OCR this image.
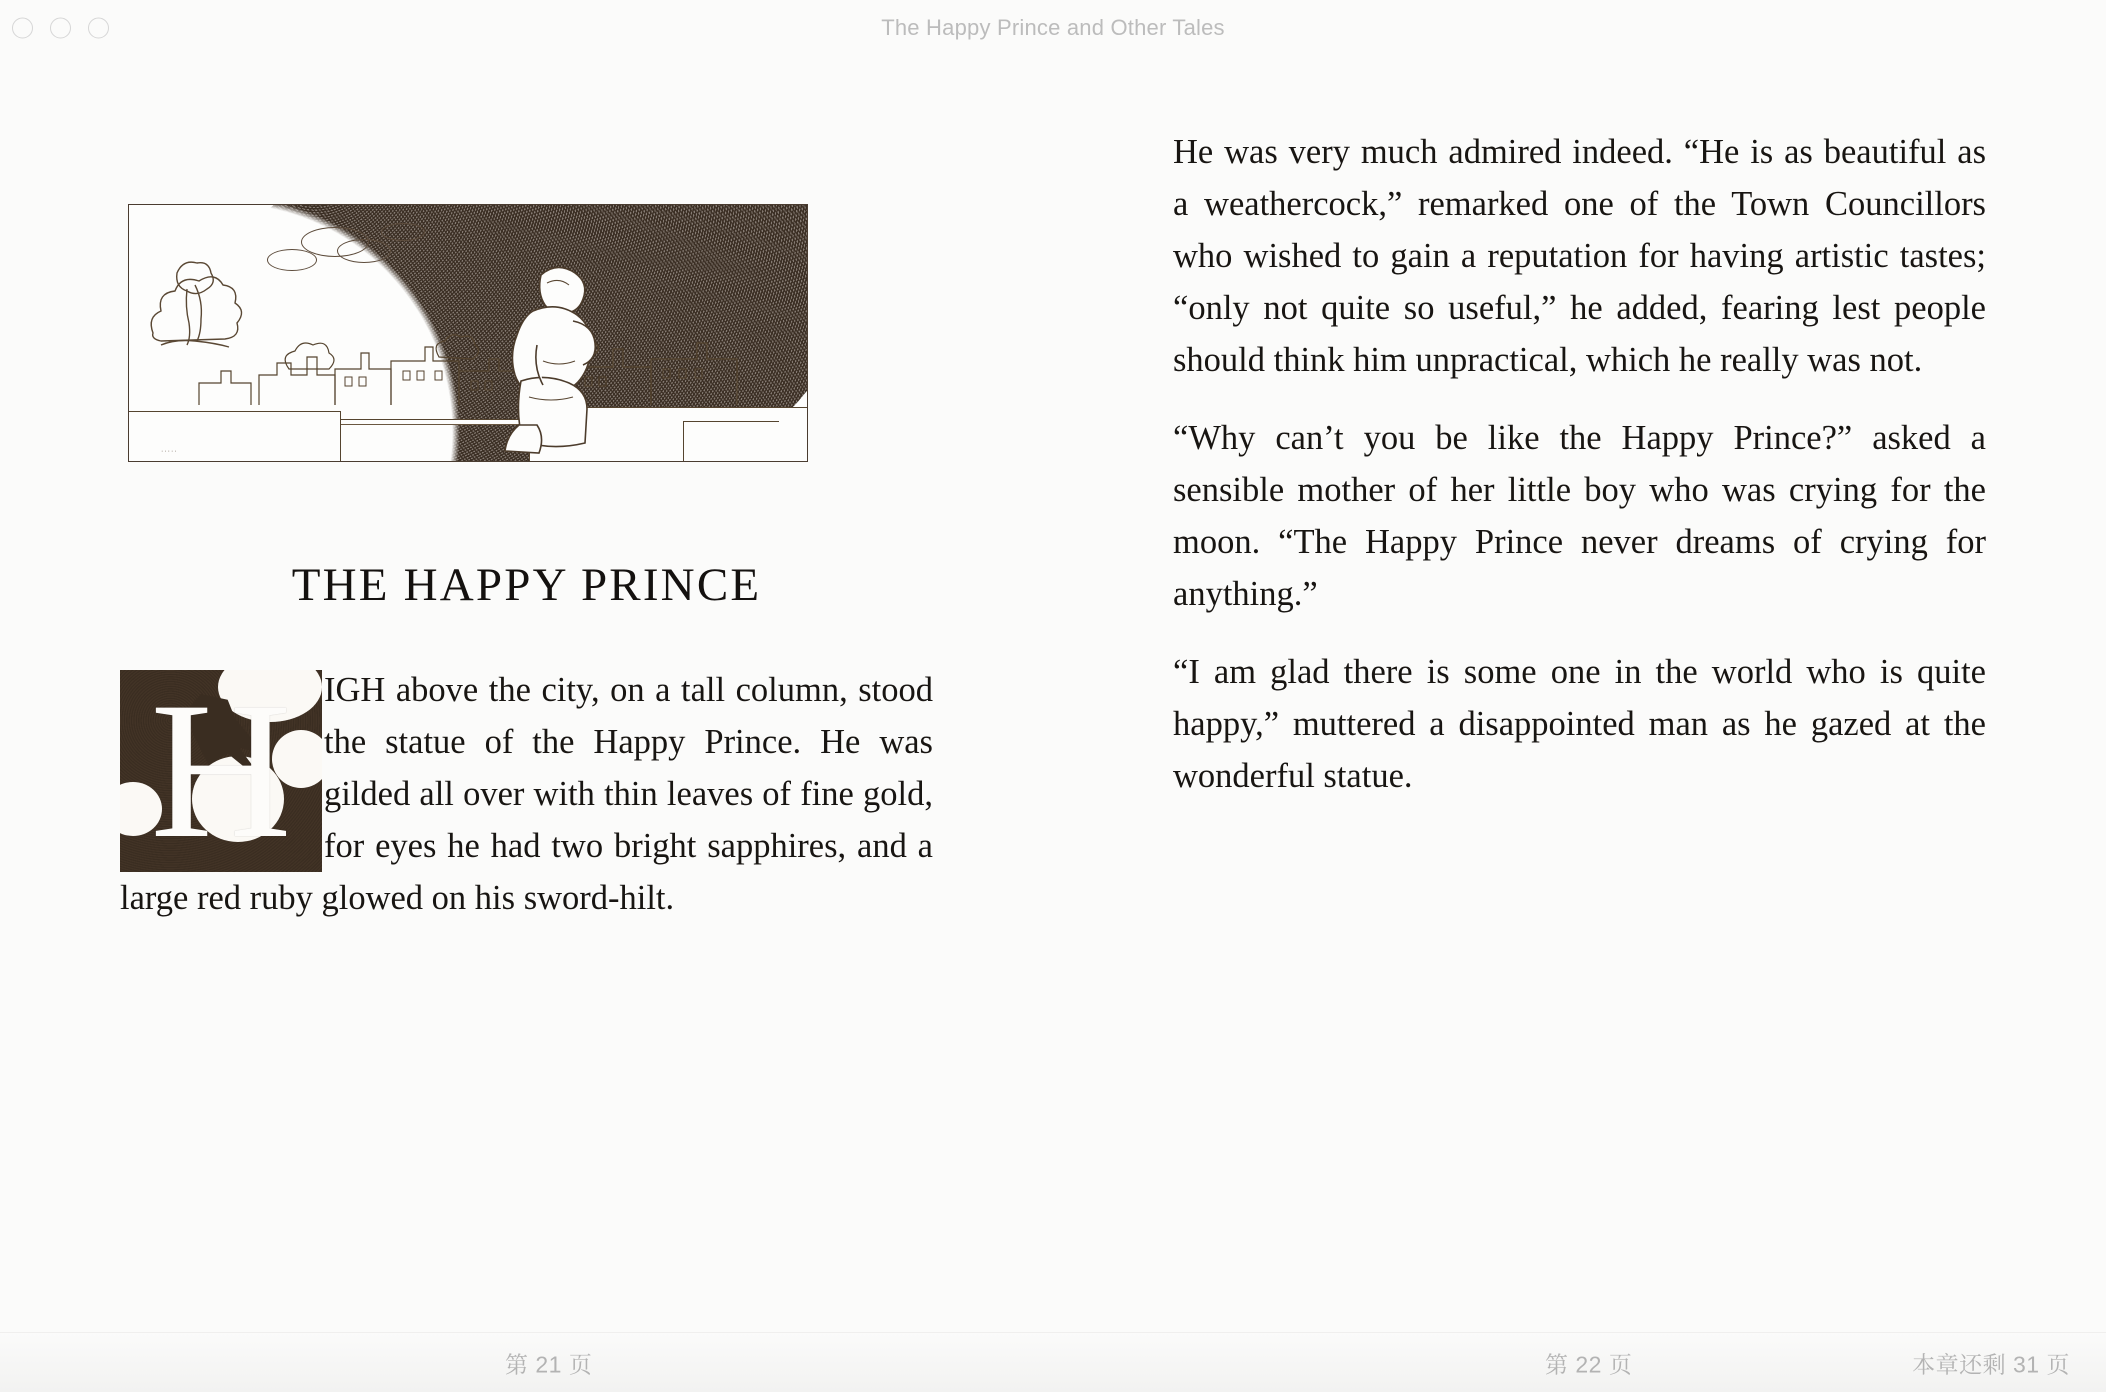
The Happy Prince and Other Tales
·····
THE HAPPY PRINCE
H IGH above the city, on a tall column, stood the statue of the Happy Prince. He was gilded all over with thin leaves of fine gold, for eyes he had two bright sapphires, and a large red ruby glowed on his sword-hilt.

He was very much admired indeed. “He is as beautiful as a weathercock,” remarked one of the Town Councillors who wished to gain a reputation for having artistic tastes; “only not quite so useful,” he added, fearing lest people should think him unpractical, which he really was not.

“Why can’t you be like the Happy Prince?” asked a sensible mother of her little boy who was crying for the moon. “The Happy Prince never dreams of crying for anything.”

“I am glad there is some one in the world who is quite happy,” muttered a disappointed man as he gazed at the wonderful statue.

第 21 页	第 22 页	本章还剩 31 页
